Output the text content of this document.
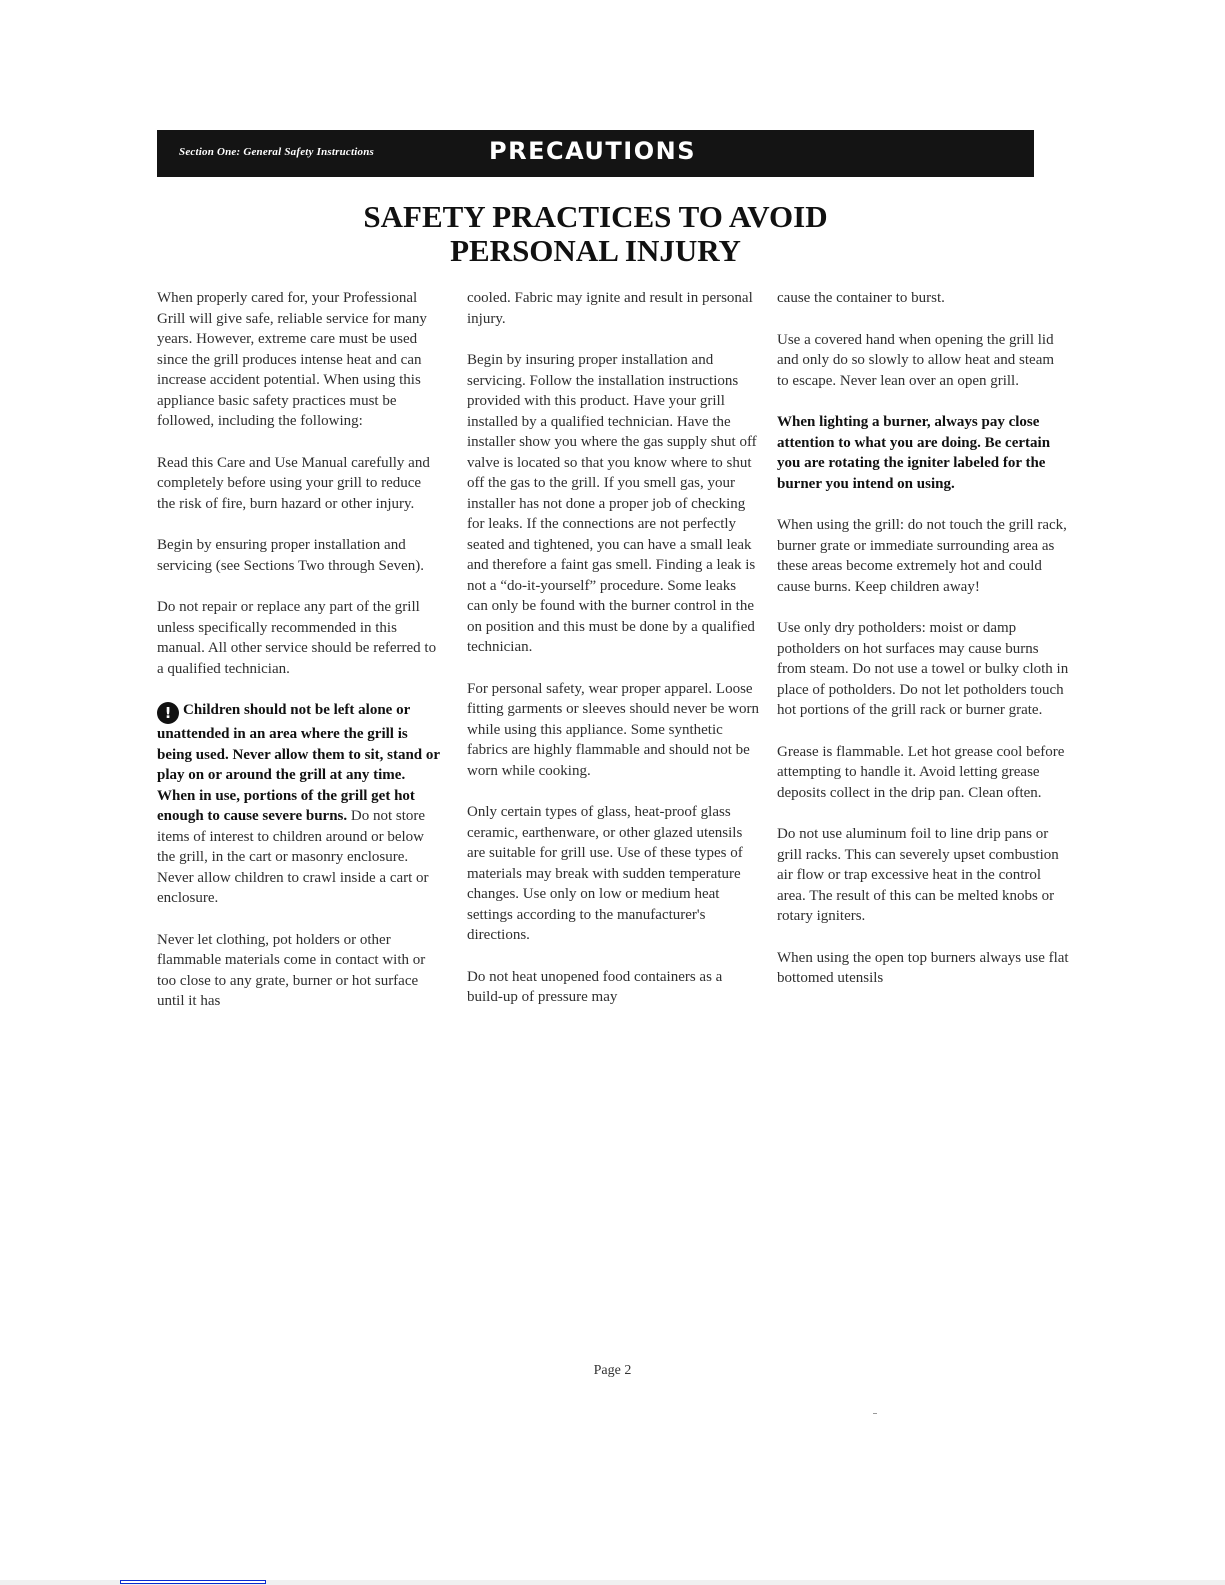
Section One: General Safety Instructions	PRECAUTIONS
SAFETY PRACTICES TO AVOID
PERSONAL INJURY

When properly cared for, your Professional Grill will give safe, reliable service for many years. However, extreme care must be used since the grill produces intense heat and can increase accident potential. When using this appliance basic safety practices must be followed, including the following:

Read this Care and Use Manual carefully and completely before using your grill to reduce the risk of fire, burn hazard or other injury.

Begin by ensuring proper installation and servicing (see Sections Two through Seven).

Do not repair or replace any part of the grill unless specifically recommended in this manual. All other service should be referred to a qualified technician.

! Children should not be left alone or unattended in an area where the grill is being used. Never allow them to sit, stand or play on or around the grill at any time. When in use, portions of the grill get hot enough to cause severe burns. Do not store items of interest to children around or below the grill, in the cart or masonry enclosure. Never allow children to crawl inside a cart or enclosure.

Never let clothing, pot holders or other flammable materials come in contact with or too close to any grate, burner or hot surface until it has

cooled. Fabric may ignite and result in personal injury.

Begin by insuring proper installation and servicing. Follow the installation instructions provided with this product. Have your grill installed by a qualified technician. Have the installer show you where the gas supply shut off valve is located so that you know where to shut off the gas to the grill. If you smell gas, your installer has not done a proper job of checking for leaks. If the connections are not perfectly seated and tightened, you can have a small leak and therefore a faint gas smell. Finding a leak is not a “do-it-yourself” procedure. Some leaks can only be found with the burner control in the on position and this must be done by a qualified technician.

For personal safety, wear proper apparel. Loose fitting garments or sleeves should never be worn while using this appliance. Some synthetic fabrics are highly flammable and should not be worn while cooking.

Only certain types of glass, heat-proof glass ceramic, earthenware, or other glazed utensils are suitable for grill use. Use of these types of materials may break with sudden temperature changes. Use only on low or medium heat settings according to the manufacturer's directions.

Do not heat unopened food containers as a build-up of pressure may

cause the container to burst.

Use a covered hand when opening the grill lid and only do so slowly to allow heat and steam to escape. Never lean over an open grill.

When lighting a burner, always pay close attention to what you are doing. Be certain you are rotating the igniter labeled for the burner you intend on using.

When using the grill: do not touch the grill rack, burner grate or immediate surrounding area as these areas become extremely hot and could cause burns. Keep children away!

Use only dry potholders: moist or damp potholders on hot surfaces may cause burns from steam. Do not use a towel or bulky cloth in place of potholders. Do not let potholders touch hot portions of the grill rack or burner grate.

Grease is flammable. Let hot grease cool before attempting to handle it. Avoid letting grease deposits collect in the drip pan. Clean often.

Do not use aluminum foil to line drip pans or grill racks. This can severely upset combustion air flow or trap excessive heat in the control area. The result of this can be melted knobs or rotary igniters.

When using the open top burners always use flat bottomed utensils

Page 2
